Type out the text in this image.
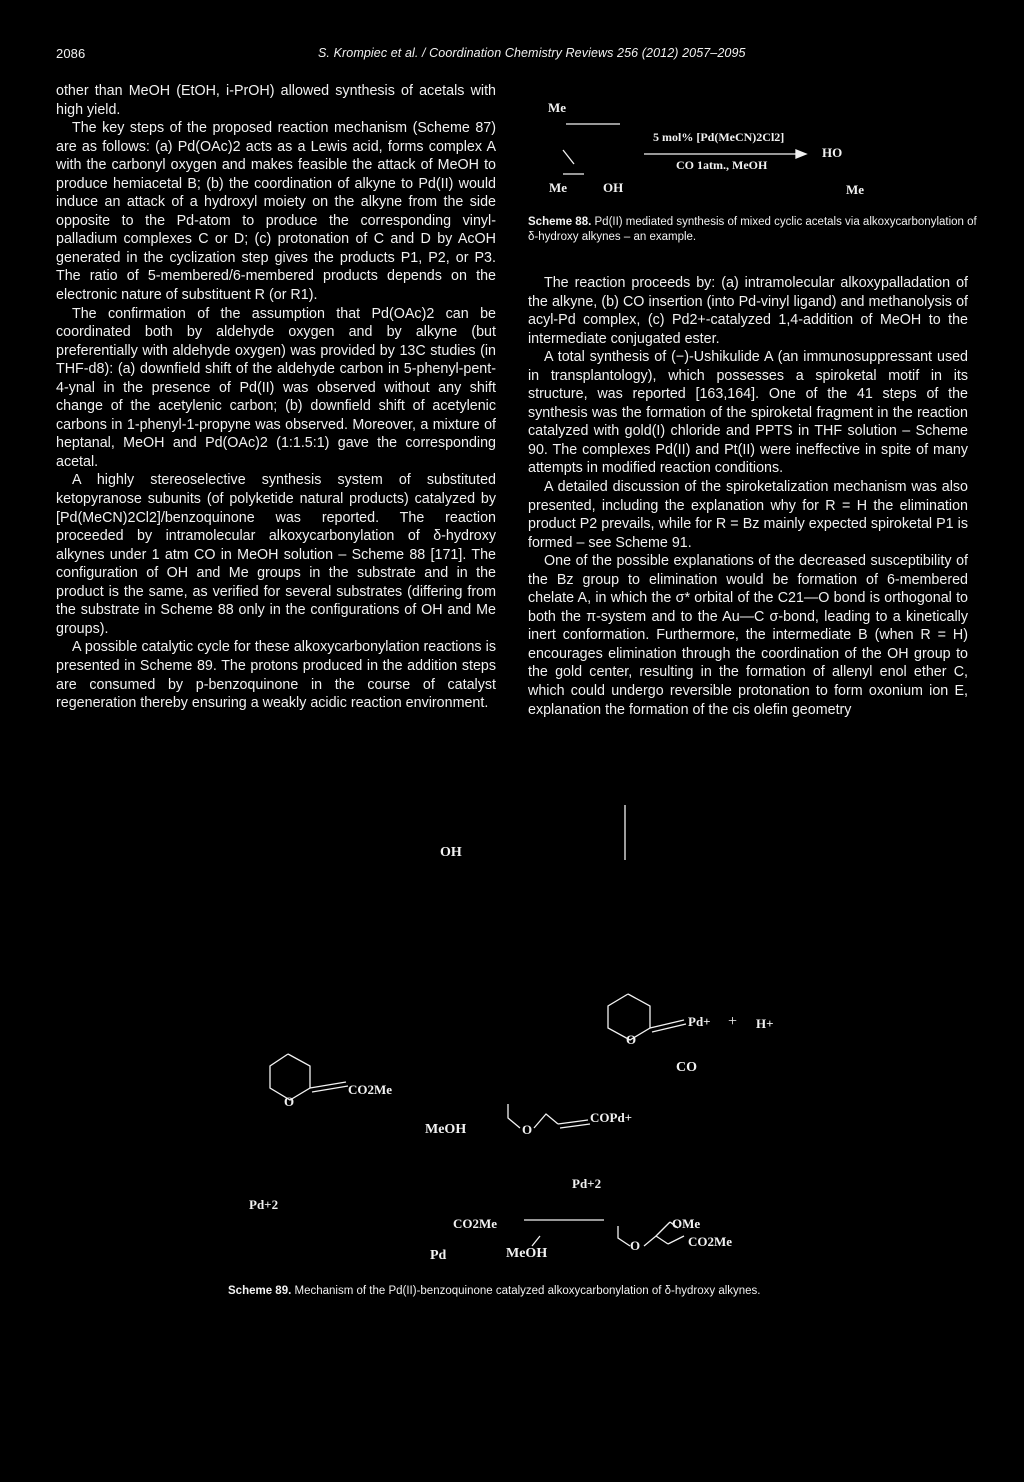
2086	S. Krompiec et al. / Coordination Chemistry Reviews 256 (2012) 2057–2095

other than MeOH (EtOH, i-PrOH) allowed synthesis of acetals with high yield.

The key steps of the proposed reaction mechanism (Scheme 87) are as follows: (a) Pd(OAc)2 acts as a Lewis acid, forms complex A with the carbonyl oxygen and makes feasible the attack of MeOH to produce hemiacetal B; (b) the coordination of alkyne to Pd(II) would induce an attack of a hydroxyl moiety on the alkyne from the side opposite to the Pd-atom to produce the corresponding vinyl-palladium complexes C or D; (c) protonation of C and D by AcOH generated in the cyclization step gives the products P1, P2, or P3. The ratio of 5-membered/6-membered products depends on the electronic nature of substituent R (or R1).

The confirmation of the assumption that Pd(OAc)2 can be coordinated both by aldehyde oxygen and by alkyne (but preferentially with aldehyde oxygen) was provided by 13C studies (in THF-d8): (a) downfield shift of the aldehyde carbon in 5-phenyl-pent-4-ynal in the presence of Pd(II) was observed without any shift change of the acetylenic carbon; (b) downfield shift of acetylenic carbons in 1-phenyl-1-propyne was observed. Moreover, a mixture of heptanal, MeOH and Pd(OAc)2 (1:1.5:1) gave the corresponding acetal.

A highly stereoselective synthesis system of substituted ketopyranose subunits (of polyketide natural products) catalyzed by [Pd(MeCN)2Cl2]/benzoquinone was reported. The reaction proceeded by intramolecular alkoxycarbonylation of δ-hydroxy alkynes under 1 atm CO in MeOH solution – Scheme 88 [171]. The configuration of OH and Me groups in the substrate and in the product is the same, as verified for several substrates (differing from the substrate in Scheme 88 only in the configurations of OH and Me groups).

A possible catalytic cycle for these alkoxycarbonylation reactions is presented in Scheme 89. The protons produced in the addition steps are consumed by p-benzoquinone in the course of catalyst regeneration thereby ensuring a weakly acidic reaction environment.

Me
Me	OH
5 mol% [Pd(MeCN)2Cl2]
CO 1atm., MeOH
HO
Me
Scheme 88. Pd(II) mediated synthesis of mixed cyclic acetals via alkoxycarbonylation of δ-hydroxy alkynes – an example.

The reaction proceeds by: (a) intramolecular alkoxypalladation of the alkyne, (b) CO insertion (into Pd-vinyl ligand) and methanolysis of acyl-Pd complex, (c) Pd2+-catalyzed 1,4-addition of MeOH to the intermediate conjugated ester.

A total synthesis of (−)-Ushikulide A (an immunosuppressant used in transplantology), which possesses a spiroketal motif in its structure, was reported [163,164]. One of the 41 steps of the synthesis was the formation of the spiroketal fragment in the reaction catalyzed with gold(I) chloride and PPTS in THF solution – Scheme 90. The complexes Pd(II) and Pt(II) were ineffective in spite of many attempts in modified reaction conditions.

A detailed discussion of the spiroketalization mechanism was also presented, including the explanation why for R = H the elimination product P2 prevails, while for R = Bz mainly expected spiroketal P1 is formed – see Scheme 91.

One of the possible explanations of the decreased susceptibility of the Bz group to elimination would be formation of 6-membered chelate A, in which the σ* orbital of the C21—O bond is orthogonal to both the π-system and to the Au—C σ-bond, leading to a kinetically inert conformation. Furthermore, the intermediate B (when R = H) encourages elimination through the coordination of the OH group to the gold center, resulting in the formation of allenyl enol ether C, which could undergo reversible protonation to form oxonium ion E, explanation the formation of the cis olefin geometry

OH
O
Pd+ + H+
CO
O
CO2Me
MeOH	O
COPd+
Pd+2
Pd+2
CO2Me
Pd	MeOH
O
OMe
CO2Me
Scheme 89. Mechanism of the Pd(II)-benzoquinone catalyzed alkoxycarbonylation of δ-hydroxy alkynes.
